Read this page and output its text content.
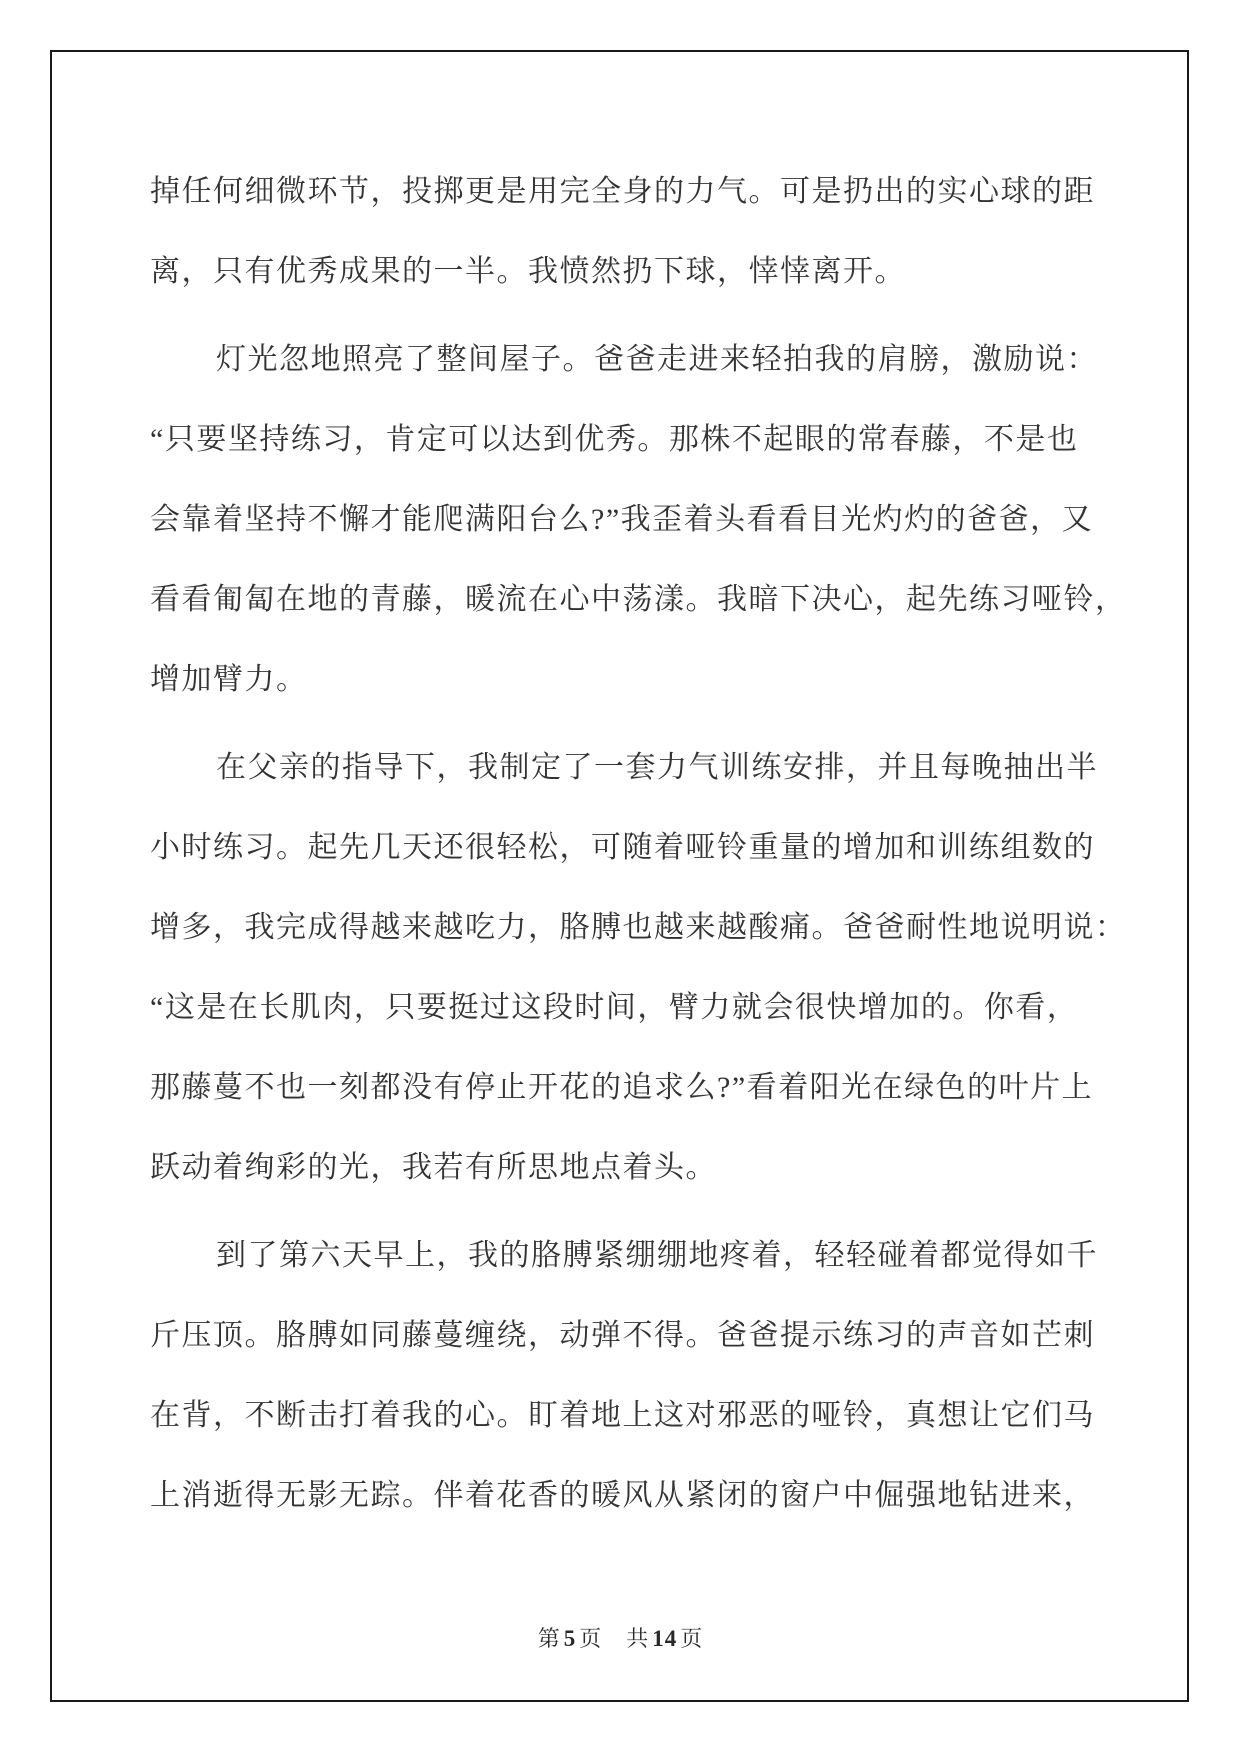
掉任何细微环节，投掷更是用完全身的力气。可是扔出的实心球的距
离，只有优秀成果的一半。我愤然扔下球，悻悻离开。
灯光忽地照亮了整间屋子。爸爸走进来轻拍我的肩膀，激励说：
“只要坚持练习，肯定可以达到优秀。那株不起眼的常春藤，不是也
会靠着坚持不懈才能爬满阳台么?”我歪着头看看目光灼灼的爸爸，又
看看匍匐在地的青藤，暖流在心中荡漾。我暗下决心，起先练习哑铃，
增加臂力。
在父亲的指导下，我制定了一套力气训练安排，并且每晚抽出半
小时练习。起先几天还很轻松，可随着哑铃重量的增加和训练组数的
增多，我完成得越来越吃力，胳膊也越来越酸痛。爸爸耐性地说明说：
“这是在长肌肉，只要挺过这段时间，臂力就会很快增加的。你看，
那藤蔓不也一刻都没有停止开花的追求么?”看着阳光在绿色的叶片上
跃动着绚彩的光，我若有所思地点着头。
到了第六天早上，我的胳膊紧绷绷地疼着，轻轻碰着都觉得如千
斤压顶。胳膊如同藤蔓缠绕，动弹不得。爸爸提示练习的声音如芒刺
在背，不断击打着我的心。盯着地上这对邪恶的哑铃，真想让它们马
上消逝得无影无踪。伴着花香的暖风从紧闭的窗户中倔强地钻进来，
第 5 页 共 14 页
